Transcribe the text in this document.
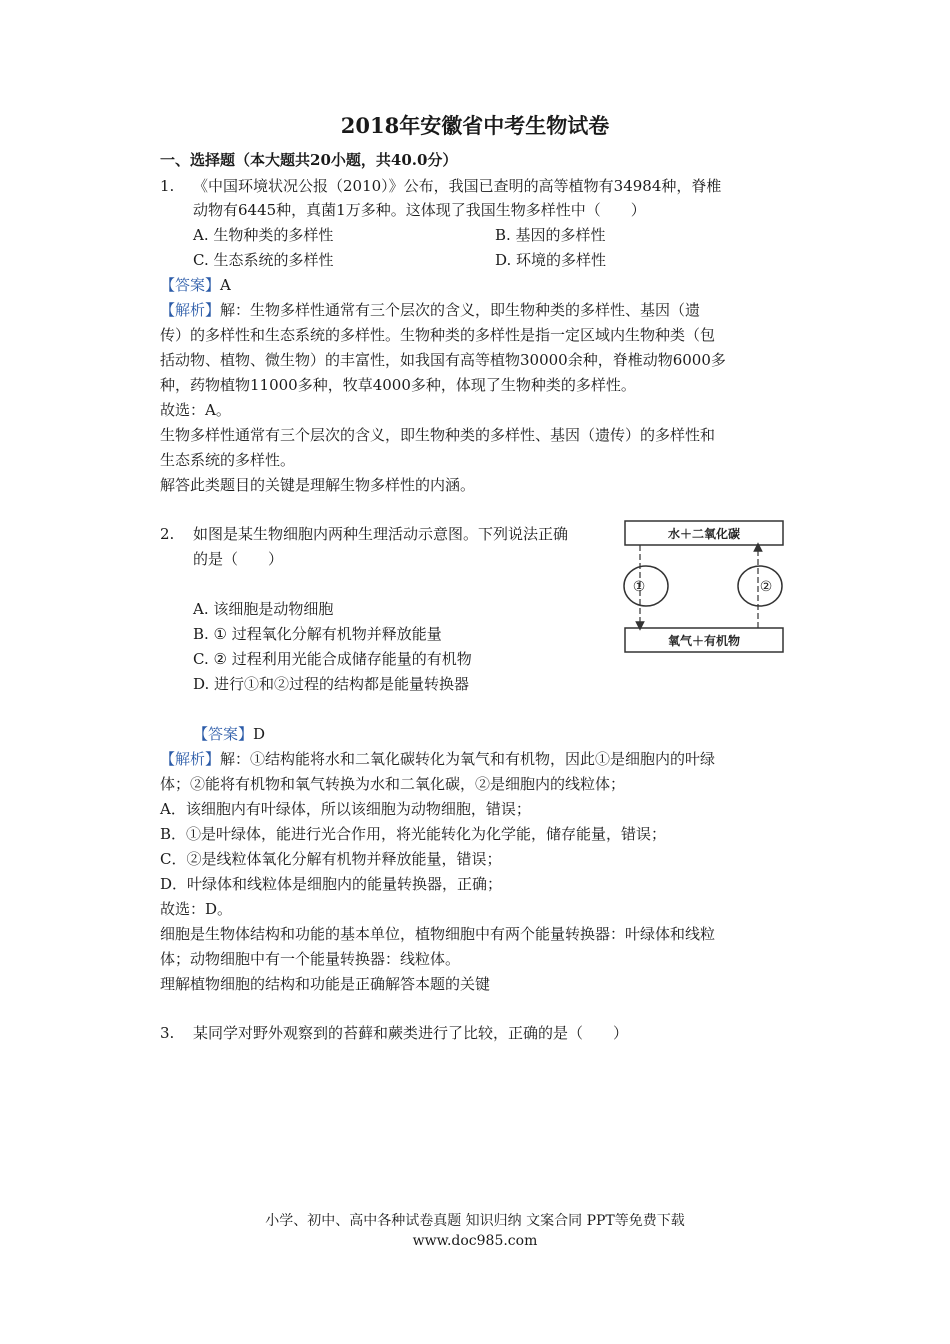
2018年安徽省中考生物试卷
一、选择题（本大题共20小题，共40.0分）
1. 《中国环境状况公报（2010）》公布，我国已查明的高等植物有34984种，脊椎
动物有6445种，真菌1万多种。这体现了我国生物多样性中（　　）
A. 生物种类的多样性	B. 基因的多样性
C. 生态系统的多样性	D. 环境的多样性
【答案】A
【解析】解：生物多样性通常有三个层次的含义，即生物种类的多样性、基因（遗
传）的多样性和生态系统的多样性。生物种类的多样性是指一定区域内生物种类（包
括动物、植物、微生物）的丰富性，如我国有高等植物30000余种，脊椎动物6000多
种，药物植物11000多种，牧草4000多种，体现了生物种类的多样性。
故选：A。
生物多样性通常有三个层次的含义，即生物种类的多样性、基因（遗传）的多样性和
生态系统的多样性。
解答此类题目的关键是理解生物多样性的内涵。
2. 如图是某生物细胞内两种生理活动示意图。下列说法正确
的是（　　）
A. 该细胞是动物细胞
B. ① 过程氧化分解有机物并释放能量
C. ② 过程利用光能合成储存能量的有机物
D. 进行①和②过程的结构都是能量转换器
水＋二氧化碳
氧气＋有机物
①	②
【答案】D
【解析】解：①结构能将水和二氧化碳转化为氧气和有机物，因此①是细胞内的叶绿
体；②能将有机物和氧气转换为水和二氧化碳，②是细胞内的线粒体；
A．该细胞内有叶绿体，所以该细胞为动物细胞，错误；
B．①是叶绿体，能进行光合作用，将光能转化为化学能，储存能量，错误；
C．②是线粒体氧化分解有机物并释放能量，错误；
D．叶绿体和线粒体是细胞内的能量转换器，正确；
故选：D。
细胞是生物体结构和功能的基本单位，植物细胞中有两个能量转换器：叶绿体和线粒
体；动物细胞中有一个能量转换器：线粒体。
理解植物细胞的结构和功能是正确解答本题的关键
3. 某同学对野外观察到的苔藓和蕨类进行了比较，正确的是（　　）
小学、初中、高中各种试卷真题 知识归纳 文案合同 PPT等免费下载
www.doc985.com
